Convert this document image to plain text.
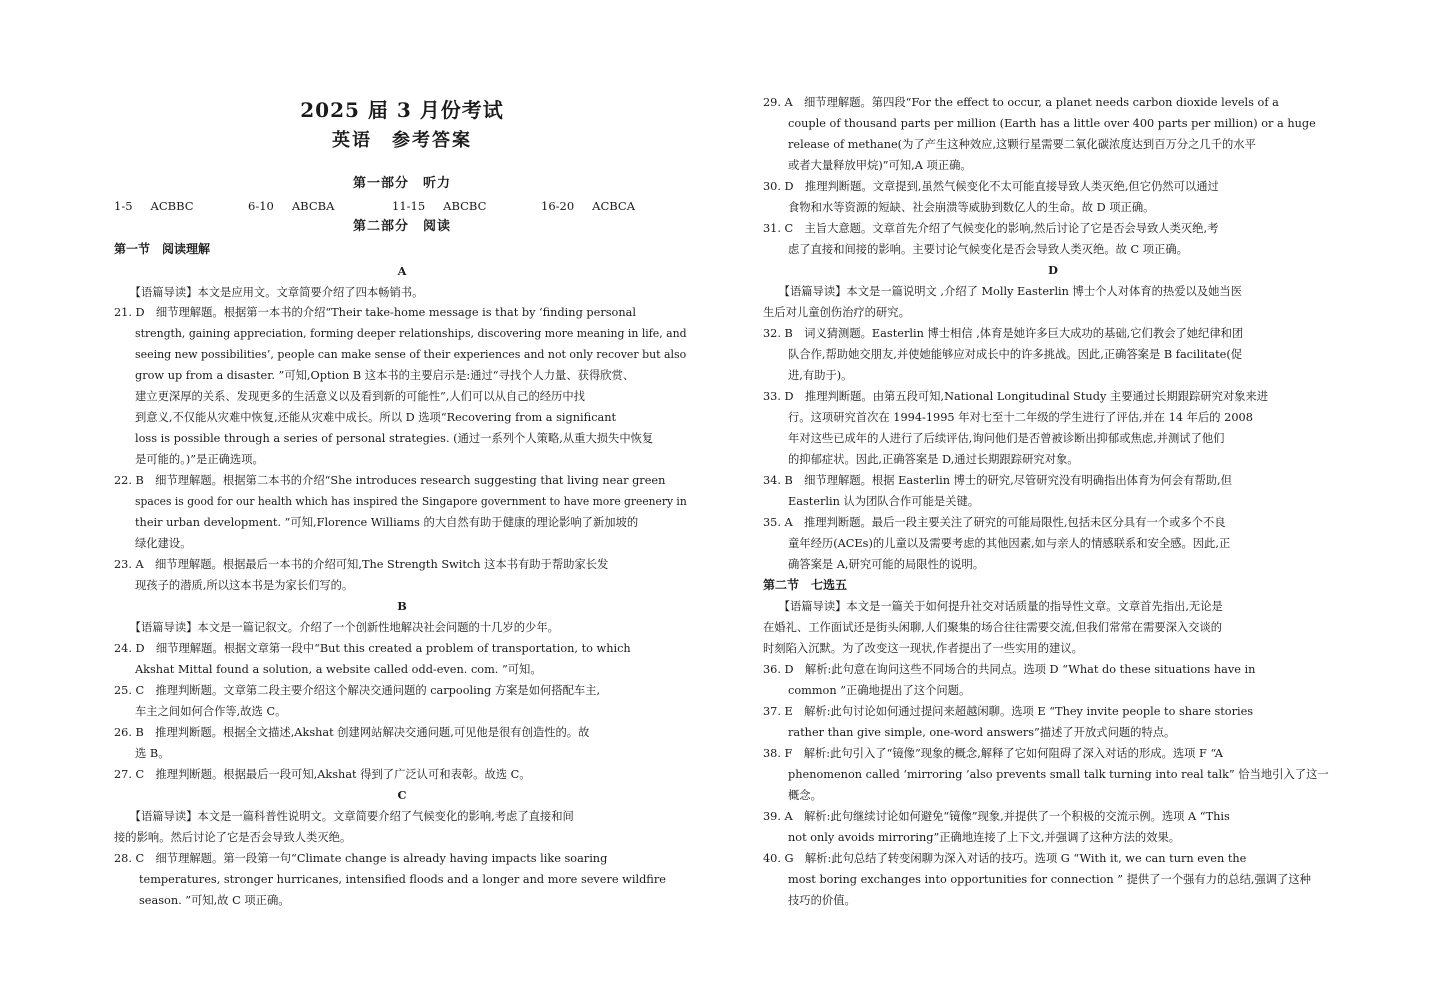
2025 届 3 月份考试
英语　参考答案
第一部分　听力
1-5 ACBBC	6-10 ABCBA	11-15 ABCBC	16-20 ACBCA
第二部分　阅读
第一节　阅读理解
A
　【语篇导读】本文是应用文。文章简要介绍了四本畅销书。
21. D　细节理解题。根据第一本书的介绍“Their take-home message is that by ‘finding personal
strength, gaining appreciation, forming deeper relationships, discovering more meaning in life, and
seeing new possibilities’, people can make sense of their experiences and not only recover but also
grow up from a disaster. ”可知,Option B 这本书的主要启示是:通过“寻找个人力量、获得欣赏、
建立更深厚的关系、发现更多的生活意义以及看到新的可能性”,人们可以从自己的经历中找
到意义,不仅能从灾难中恢复,还能从灾难中成长。所以 D 选项“Recovering from a significant
loss is possible through a series of personal strategies. (通过一系列个人策略,从重大损失中恢复
是可能的。)”是正确选项。
22. B　细节理解题。根据第二本书的介绍“She introduces research suggesting that living near green
spaces is good for our health which has inspired the Singapore government to have more greenery in
their urban development. ”可知,Florence Williams 的大自然有助于健康的理论影响了新加坡的
绿化建设。
23. A　细节理解题。根据最后一本书的介绍可知,The Strength Switch 这本书有助于帮助家长发
现孩子的潜质,所以这本书是为家长们写的。
B
　【语篇导读】本文是一篇记叙文。介绍了一个创新性地解决社会问题的十几岁的少年。
24. D　细节理解题。根据文章第一段中“But this created a problem of transportation, to which
Akshat Mittal found a solution, a website called odd-even. com. ”可知。
25. C　推理判断题。文章第二段主要介绍这个解决交通问题的 carpooling 方案是如何搭配车主,
车主之间如何合作等,故选 C。
26. B　推理判断题。根据全文描述,Akshat 创建网站解决交通问题,可见他是很有创造性的。故
选 B。
27. C　推理判断题。根据最后一段可知,Akshat 得到了广泛认可和表彰。故选 C。
C
　【语篇导读】本文是一篇科普性说明文。文章简要介绍了气候变化的影响,考虑了直接和间
接的影响。然后讨论了它是否会导致人类灭绝。
28. C　细节理解题。第一段第一句“Climate change is already having impacts like soaring
temperatures, stronger hurricanes, intensified floods and a longer and more severe wildfire
season. ”可知,故 C 项正确。
29. A　细节理解题。第四段“For the effect to occur, a planet needs carbon dioxide levels of a
couple of thousand parts per million (Earth has a little over 400 parts per million) or a huge
release of methane(为了产生这种效应,这颗行星需要二氧化碳浓度达到百万分之几千的水平
或者大量释放甲烷)”可知,A 项正确。
30. D　推理判断题。文章提到,虽然气候变化不太可能直接导致人类灭绝,但它仍然可以通过
食物和水等资源的短缺、社会崩溃等威胁到数亿人的生命。故 D 项正确。
31. C　主旨大意题。文章首先介绍了气候变化的影响,然后讨论了它是否会导致人类灭绝,考
虑了直接和间接的影响。主要讨论气候变化是否会导致人类灭绝。故 C 项正确。
D
　【语篇导读】本文是一篇说明文 ,介绍了 Molly Easterlin 博士个人对体育的热爱以及她当医
生后对儿童创伤治疗的研究。
32. B　词义猜测题。Easterlin 博士相信 ,体育是她许多巨大成功的基础,它们教会了她纪律和团
队合作,帮助她交朋友,并使她能够应对成长中的许多挑战。因此,正确答案是 B facilitate(促
进,有助于)。
33. D　推理判断题。由第五段可知,National Longitudinal Study 主要通过长期跟踪研究对象来进
行。这项研究首次在 1994-1995 年对七至十二年级的学生进行了评估,并在 14 年后的 2008
年对这些已成年的人进行了后续评估,询问他们是否曾被诊断出抑郁或焦虑,并测试了他们
的抑郁症状。因此,正确答案是 D,通过长期跟踪研究对象。
34. B　细节理解题。根据 Easterlin 博士的研究,尽管研究没有明确指出体育为何会有帮助,但
Easterlin 认为团队合作可能是关键。
35. A　推理判断题。最后一段主要关注了研究的可能局限性,包括未区分具有一个或多个不良
童年经历(ACEs)的儿童以及需要考虑的其他因素,如与亲人的情感联系和安全感。因此,正
确答案是 A,研究可能的局限性的说明。
第二节　七选五
　【语篇导读】本文是一篇关于如何提升社交对话质量的指导性文章。文章首先指出,无论是
在婚礼、工作面试还是街头闲聊,人们聚集的场合往往需要交流,但我们常常在需要深入交谈的
时刻陷入沉默。为了改变这一现状,作者提出了一些实用的建议。
36. D　解析:此句意在询问这些不同场合的共同点。选项 D “What do these situations have in
common ”正确地提出了这个问题。
37. E　解析:此句讨论如何通过提问来超越闲聊。选项 E “They invite people to share stories
rather than give simple, one-word answers”描述了开放式问题的特点。
38. F　解析:此句引入了“镜像”现象的概念,解释了它如何阻碍了深入对话的形成。选项 F “A
phenomenon called ‘mirroring ’also prevents small talk turning into real talk” 恰当地引入了这一
概念。
39. A　解析:此句继续讨论如何避免“镜像”现象,并提供了一个积极的交流示例。选项 A “This
not only avoids mirroring”正确地连接了上下文,并强调了这种方法的效果。
40. G　解析:此句总结了转变闲聊为深入对话的技巧。选项 G “With it, we can turn even the
most boring exchanges into opportunities for connection ” 提供了一个强有力的总结,强调了这种
技巧的价值。
